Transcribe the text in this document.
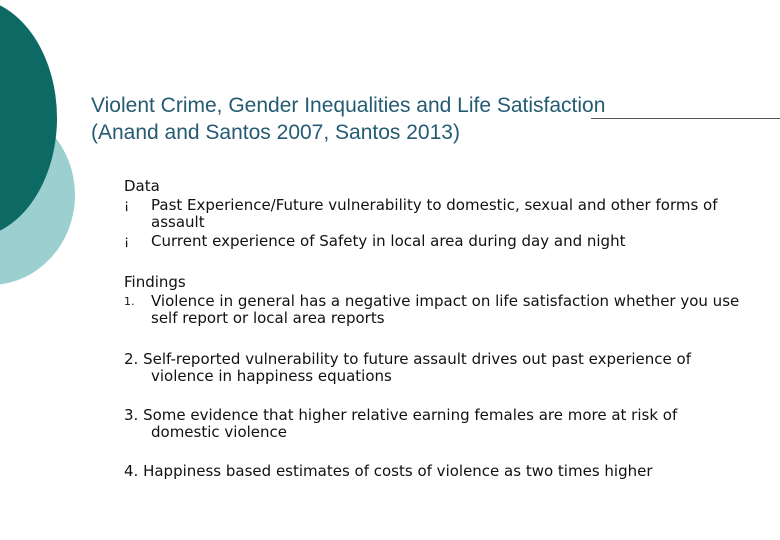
Violent Crime, Gender Inequalities and Life Satisfaction
(Anand and Santos 2007, Santos 2013)

Data

¡ Past Experience/Future vulnerability to domestic, sexual and other forms of assault
¡ Current experience of Safety in local area during day and night

Findings

1. Violence in general has a negative impact on life satisfaction whether you use self report or local area reports

2. Self-reported vulnerability to future assault drives out past experience of violence in happiness equations

3. Some evidence that higher relative earning females are more at risk of domestic violence

4. Happiness based estimates of costs of violence as two times higher
